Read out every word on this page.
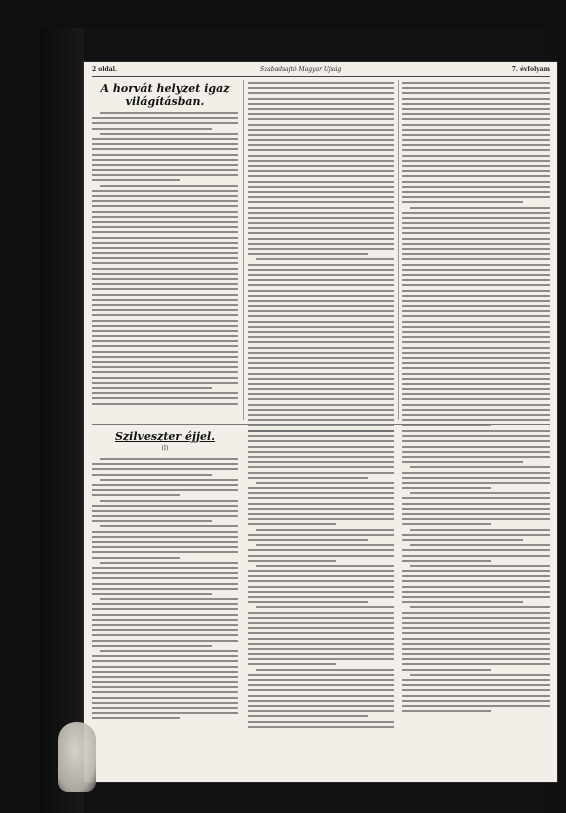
2 oldal.	Szabadsajtó Magyar Ujság	7. évfolyam
A horvát helyzet igaz világításban.
Szilveszter éjjel.
(I)
